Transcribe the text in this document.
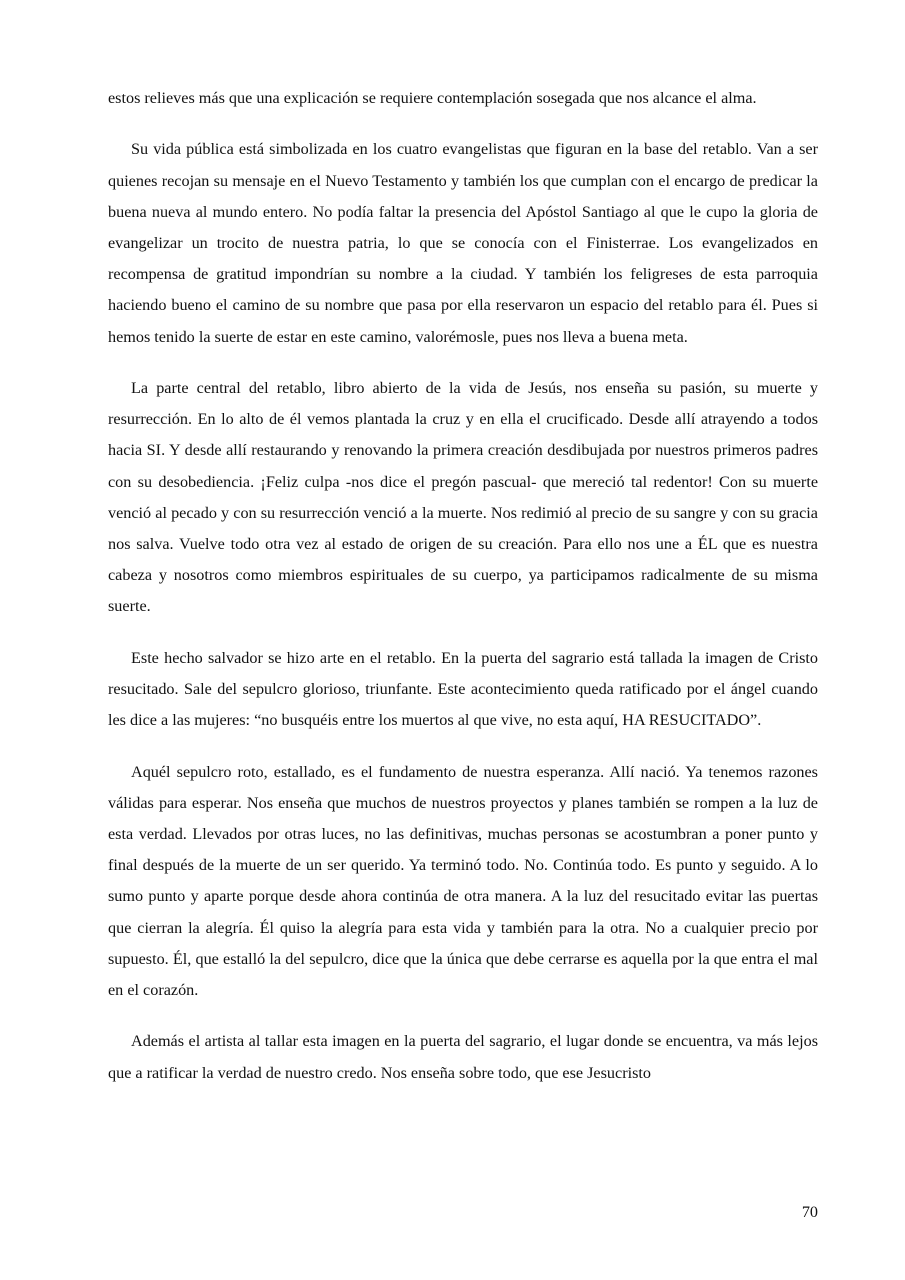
estos relieves más que una explicación se requiere contemplación sosegada que nos alcance el alma.

Su vida pública está simbolizada en los cuatro evangelistas que figuran en la base del retablo. Van a ser quienes recojan su mensaje en el Nuevo Testamento y también los que cumplan con el encargo de predicar la buena nueva al mundo entero. No podía faltar la presencia del Apóstol Santiago al que le cupo la gloria de evangelizar un trocito de nuestra patria, lo que se conocía con el Finisterrae. Los evangelizados en recompensa de gratitud impondrían su nombre a la ciudad. Y también los feligreses de esta parroquia haciendo bueno el camino de su nombre que pasa por ella reservaron un espacio del retablo para él. Pues si hemos tenido la suerte de estar en este camino, valorémosle, pues nos lleva a buena meta.

La parte central del retablo, libro abierto de la vida de Jesús, nos enseña su pasión, su muerte y resurrección. En lo alto de él vemos plantada la cruz y en ella el crucificado. Desde allí atrayendo a todos hacia SI. Y desde allí restaurando y renovando la primera creación desdibujada por nuestros primeros padres con su desobediencia. ¡Feliz culpa -nos dice el pregón pascual- que mereció tal redentor! Con su muerte venció al pecado y con su resurrección venció a la muerte. Nos redimió al precio de su sangre y con su gracia nos salva. Vuelve todo otra vez al estado de origen de su creación. Para ello nos une a ÉL que es nuestra cabeza y nosotros como miembros espirituales de su cuerpo, ya participamos radicalmente de su misma suerte.

Este hecho salvador se hizo arte en el retablo. En la puerta del sagrario está tallada la imagen de Cristo resucitado. Sale del sepulcro glorioso, triunfante. Este acontecimiento queda ratificado por el ángel cuando les dice a las mujeres: “no busquéis entre los muertos al que vive, no esta aquí, HA RESUCITADO”.

Aquél sepulcro roto, estallado, es el fundamento de nuestra esperanza. Allí nació. Ya tenemos razones válidas para esperar. Nos enseña que muchos de nuestros proyectos y planes también se rompen a la luz de esta verdad. Llevados por otras luces, no las definitivas, muchas personas se acostumbran a poner punto y final después de la muerte de un ser querido. Ya terminó todo. No. Continúa todo. Es punto y seguido. A lo sumo punto y aparte porque desde ahora continúa de otra manera. A la luz del resucitado evitar las puertas que cierran la alegría. Él quiso la alegría para esta vida y también para la otra. No a cualquier precio por supuesto. Él, que estalló la del sepulcro, dice que la única que debe cerrarse es aquella por la que entra el mal en el corazón.

Además el artista al tallar esta imagen en la puerta del sagrario, el lugar donde se encuentra, va más lejos que a ratificar la verdad de nuestro credo. Nos enseña sobre todo, que ese Jesucristo

70
